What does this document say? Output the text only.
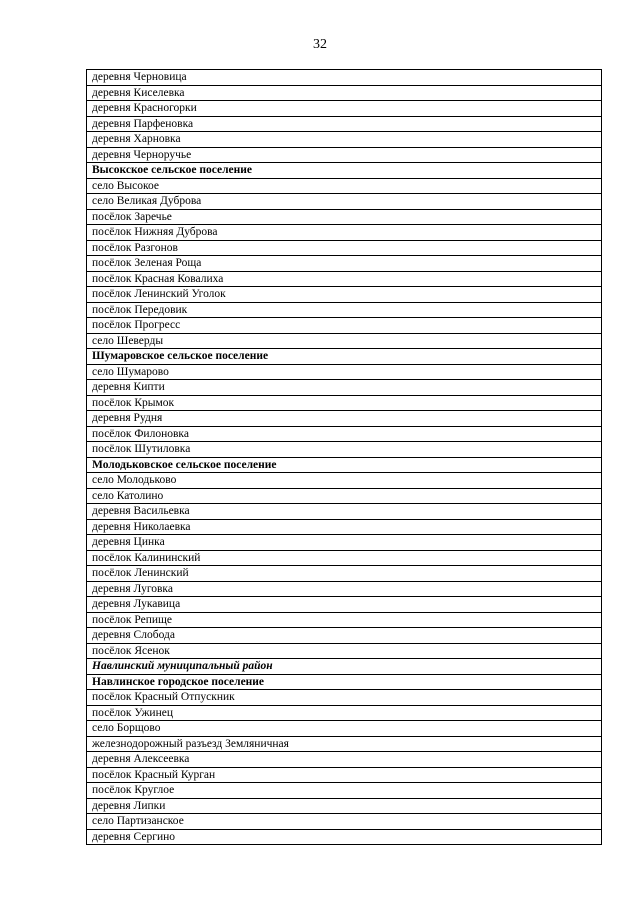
32
деревня Черновица
деревня Киселевка
деревня Красногорки
деревня Парфеновка
деревня Харновка
деревня Черноручье
Высокское сельское поселение
село Высокое
село Великая Дуброва
посёлок Заречье
посёлок Нижняя Дуброва
посёлок Разгонов
посёлок Зеленая Роща
посёлок Красная Ковалиха
посёлок Ленинский Уголок
посёлок Передовик
посёлок Прогресс
село Шеверды
Шумаровское сельское поселение
село Шумарово
деревня Кипти
посёлок Крымок
деревня Рудня
посёлок Филоновка
посёлок Шутиловка
Молодьковское сельское поселение
село Молодьково
село Католино
деревня Васильевка
деревня Николаевка
деревня Цинка
посёлок Калининский
посёлок Ленинский
деревня Луговка
деревня Лукавица
посёлок Репище
деревня Слобода
посёлок Ясенок
Навлинский муниципальный район
Навлинское городское поселение
посёлок Красный Отпускник
посёлок Ужинец
село Борщово
железнодорожный разъезд Земляничная
деревня Алексеевка
посёлок Красный Курган
посёлок Круглое
деревня Липки
село Партизанское
деревня Сергино
